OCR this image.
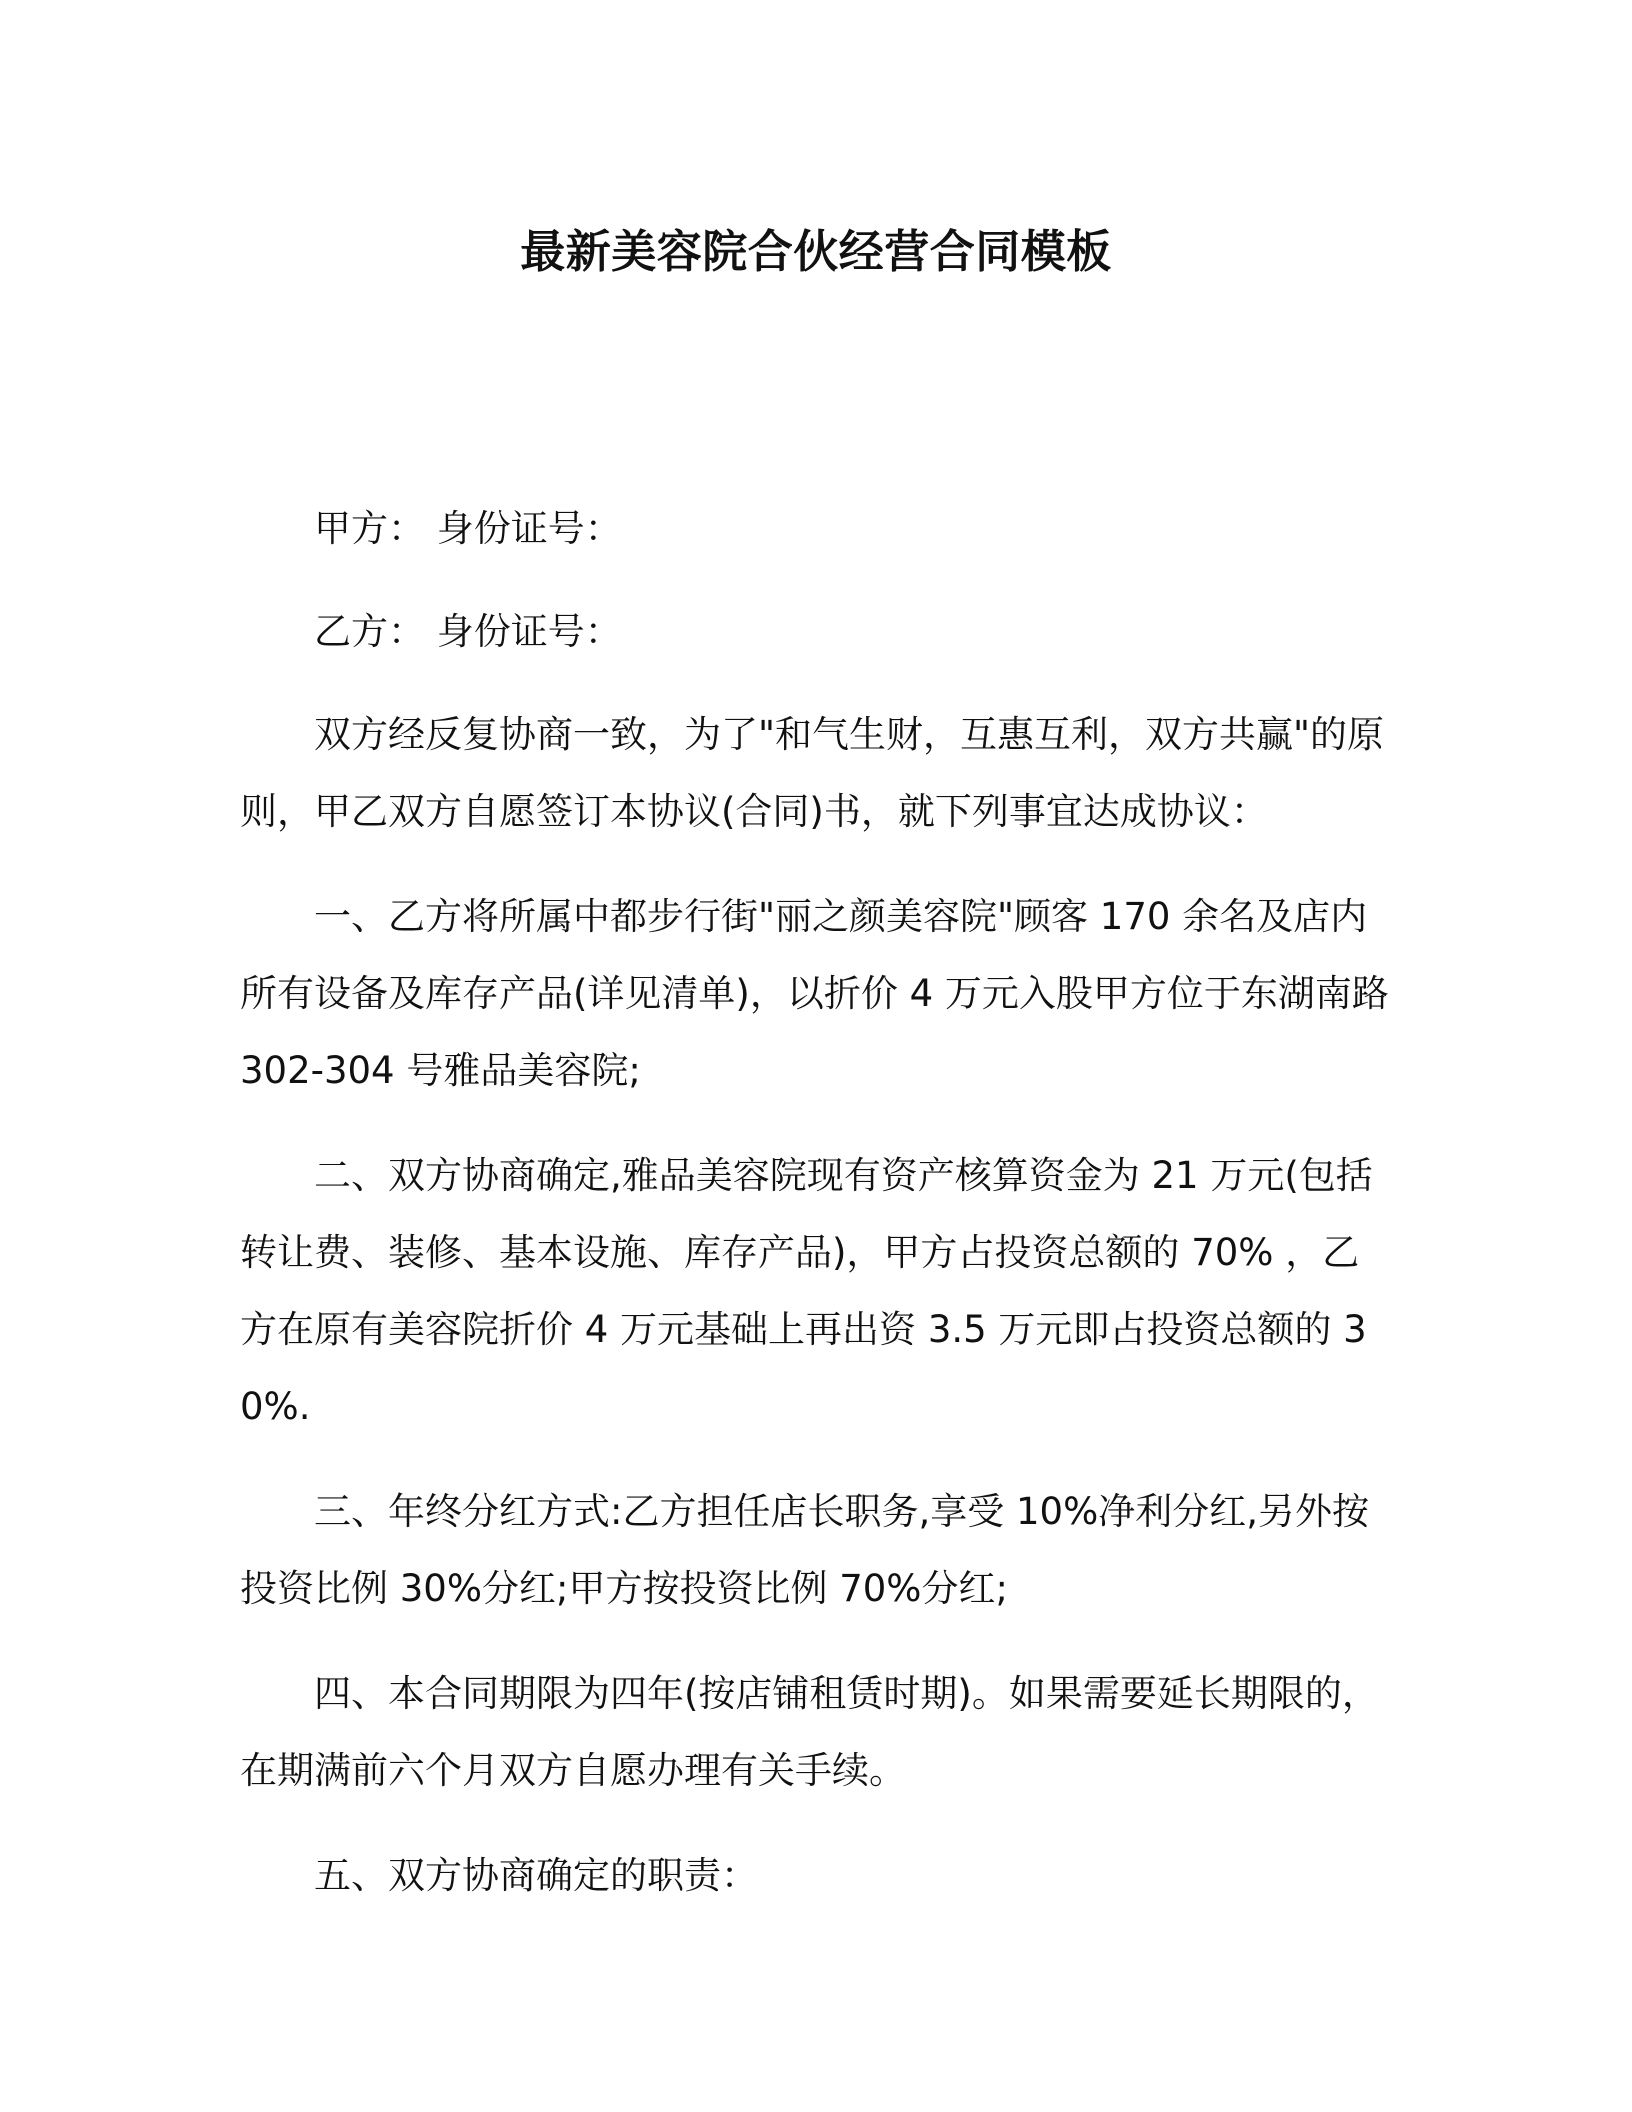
最新美容院合伙经营合同模板

甲方： 身份证号：

乙方： 身份证号：

双方经反复协商一致，为了"和气生财，互惠互利，双方共赢"的原则，甲乙双方自愿签订本协议(合同)书，就下列事宜达成协议：

一、乙方将所属中都步行街"丽之颜美容院"顾客 170 余名及店内所有设备及库存产品(详见清单)，以折价 4 万元入股甲方位于东湖南路 302-304 号雅品美容院;

二、双方协商确定,雅品美容院现有资产核算资金为 21 万元(包括转让费、装修、基本设施、库存产品)，甲方占投资总额的 70% ，乙方在原有美容院折价 4 万元基础上再出资 3.5 万元即占投资总额的 30%.

三、年终分红方式:乙方担任店长职务,享受 10%净利分红,另外按投资比例 30%分红;甲方按投资比例 70%分红;

四、本合同期限为四年(按店铺租赁时期)。如果需要延长期限的，在期满前六个月双方自愿办理有关手续。

五、双方协商确定的职责：
